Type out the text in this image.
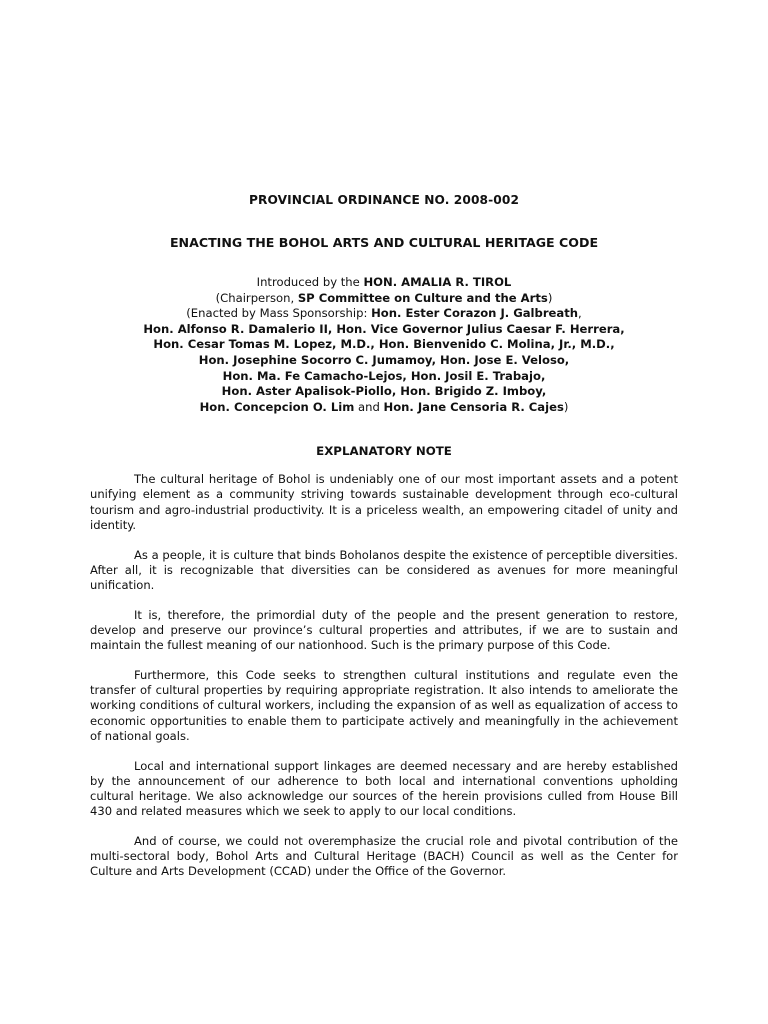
PROVINCIAL ORDINANCE NO. 2008-002

ENACTING THE BOHOL ARTS AND CULTURAL HERITAGE CODE

Introduced by the HON. AMALIA R. TIROL
(Chairperson, SP Committee on Culture and the Arts)
(Enacted by Mass Sponsorship: Hon. Ester Corazon J. Galbreath,
Hon. Alfonso R. Damalerio II, Hon. Vice Governor Julius Caesar F. Herrera,
Hon. Cesar Tomas M. Lopez, M.D., Hon. Bienvenido C. Molina, Jr., M.D.,
Hon. Josephine Socorro C. Jumamoy, Hon. Jose E. Veloso,
Hon. Ma. Fe Camacho-Lejos, Hon. Josil E. Trabajo,
Hon. Aster Apalisok-Piollo, Hon. Brigido Z. Imboy,
Hon. Concepcion O. Lim and Hon. Jane Censoria R. Cajes)

EXPLANATORY NOTE

The cultural heritage of Bohol is undeniably one of our most important assets and a potent unifying element as a community striving towards sustainable development through eco-cultural tourism and agro-industrial productivity. It is a priceless wealth, an empowering citadel of unity and identity.

As a people, it is culture that binds Boholanos despite the existence of perceptible diversities. After all, it is recognizable that diversities can be considered as avenues for more meaningful unification.

It is, therefore, the primordial duty of the people and the present generation to restore, develop and preserve our province’s cultural properties and attributes, if we are to sustain and maintain the fullest meaning of our nationhood. Such is the primary purpose of this Code.

Furthermore, this Code seeks to strengthen cultural institutions and regulate even the transfer of cultural properties by requiring appropriate registration. It also intends to ameliorate the working conditions of cultural workers, including the expansion of as well as equalization of access to economic opportunities to enable them to participate actively and meaningfully in the achievement of national goals.

Local and international support linkages are deemed necessary and are hereby established by the announcement of our adherence to both local and international conventions upholding cultural heritage. We also acknowledge our sources of the herein provisions culled from House Bill 430 and related measures which we seek to apply to our local conditions.

And of course, we could not overemphasize the crucial role and pivotal contribution of the multi-sectoral body, Bohol Arts and Cultural Heritage (BACH) Council as well as the Center for Culture and Arts Development (CCAD) under the Office of the Governor.
